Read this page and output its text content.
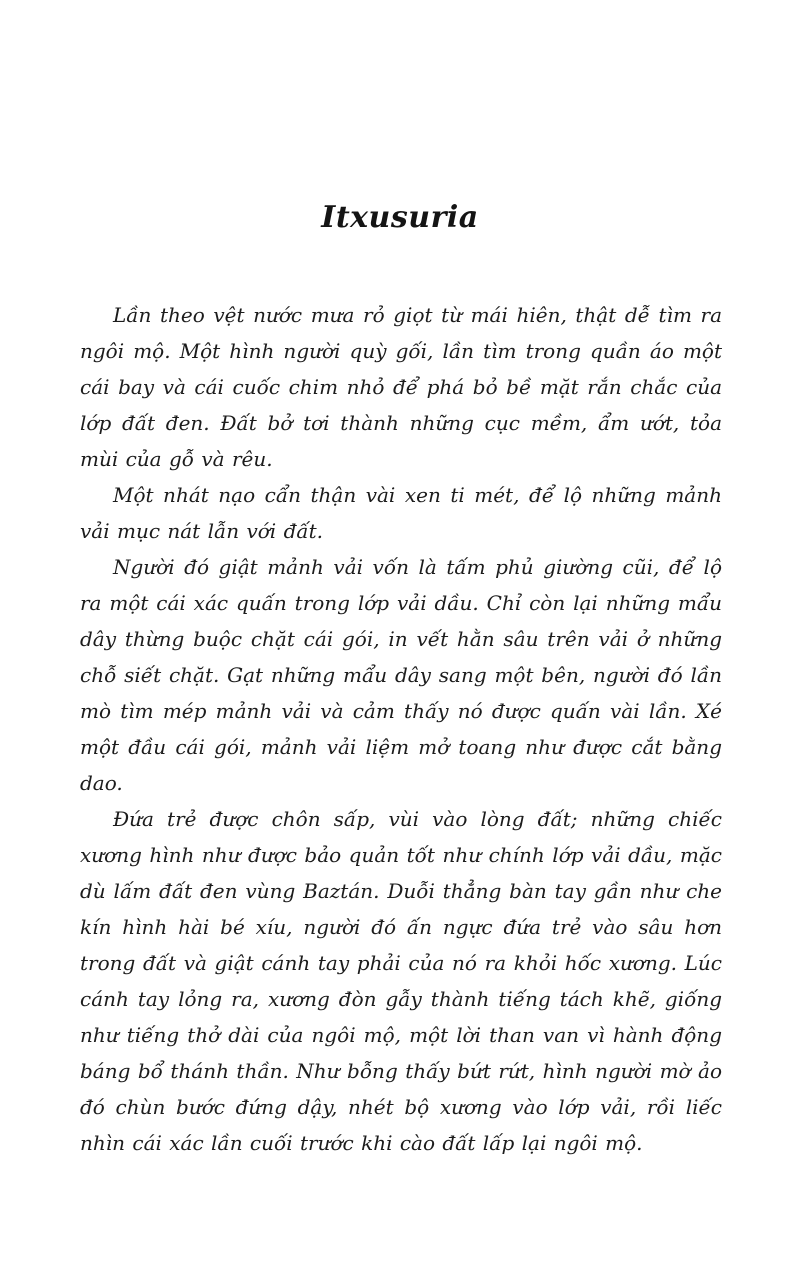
Itxusuria

Lần theo vệt nước mưa rỏ giọt từ mái hiên, thật dễ tìm ra ngôi mộ. Một hình người quỳ gối, lần tìm trong quần áo một cái bay và cái cuốc chim nhỏ để phá bỏ bề mặt rắn chắc của lớp đất đen. Đất bở tơi thành những cục mềm, ẩm ướt, tỏa mùi của gỗ và rêu.

Một nhát nạo cẩn thận vài xen ti mét, để lộ những mảnh vải mục nát lẫn với đất.

Người đó giật mảnh vải vốn là tấm phủ giường cũi, để lộ ra một cái xác quấn trong lớp vải dầu. Chỉ còn lại những mẩu dây thừng buộc chặt cái gói, in vết hằn sâu trên vải ở những chỗ siết chặt. Gạt những mẩu dây sang một bên, người đó lần mò tìm mép mảnh vải và cảm thấy nó được quấn vài lần. Xé một đầu cái gói, mảnh vải liệm mở toang như được cắt bằng dao.

Đứa trẻ được chôn sấp, vùi vào lòng đất; những chiếc xương hình như được bảo quản tốt như chính lớp vải dầu, mặc dù lấm đất đen vùng Baztán. Duỗi thẳng bàn tay gần như che kín hình hài bé xíu, người đó ấn ngực đứa trẻ vào sâu hơn trong đất và giật cánh tay phải của nó ra khỏi hốc xương. Lúc cánh tay lỏng ra, xương đòn gẫy thành tiếng tách khẽ, giống như tiếng thở dài của ngôi mộ, một lời than van vì hành động báng bổ thánh thần. Như bỗng thấy bứt rứt, hình người mờ ảo đó chùn bước đứng dậy, nhét bộ xương vào lớp vải, rồi liếc nhìn cái xác lần cuối trước khi cào đất lấp lại ngôi mộ.
